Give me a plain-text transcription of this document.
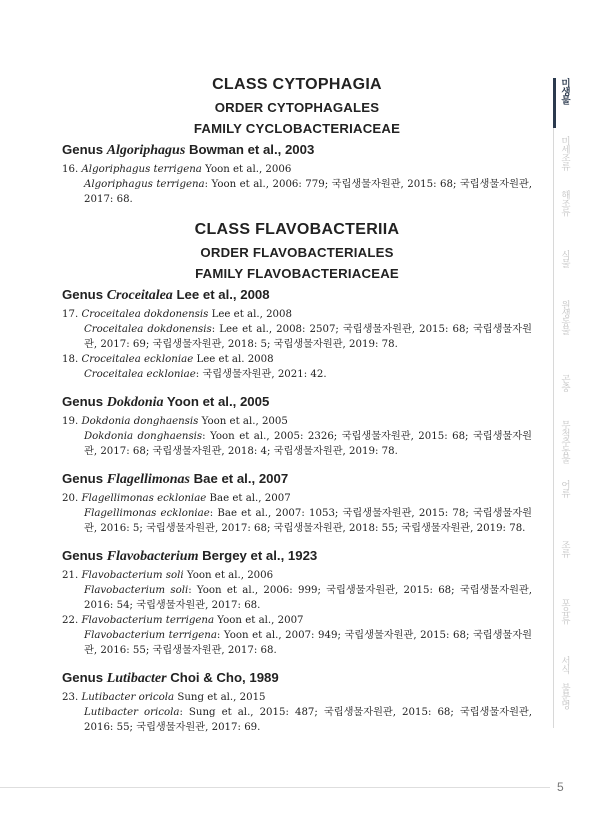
CLASS CYTOPHAGIA
ORDER CYTOPHAGALES
FAMILY CYCLOBACTERIACEAE
Genus Algoriphagus Bowman et al., 2003
16. Algoriphagus terrigena Yoon et al., 2006
Algoriphagus terrigena: Yoon et al., 2006: 779; 국립생물자원관, 2015: 68; 국립생물자원관, 2017: 68.
CLASS FLAVOBACTERIIA
ORDER FLAVOBACTERIALES
FAMILY FLAVOBACTERIACEAE
Genus Croceitalea Lee et al., 2008
17. Croceitalea dokdonensis Lee et al., 2008
Croceitalea dokdonensis: Lee et al., 2008: 2507; 국립생물자원관, 2015: 68; 국립생물자원관, 2017: 69; 국립생물자원관, 2018: 5; 국립생물자원관, 2019: 78.
18. Croceitalea eckloniae Lee et al. 2008
Croceitalea eckloniae: 국립생물자원관, 2021: 42.
Genus Dokdonia Yoon et al., 2005
19. Dokdonia donghaensis Yoon et al., 2005
Dokdonia donghaensis: Yoon et al., 2005: 2326; 국립생물자원관, 2015: 68; 국립생물자원관, 2017: 68; 국립생물자원관, 2018: 4; 국립생물자원관, 2019: 78.
Genus Flagellimonas Bae et al., 2007
20. Flagellimonas eckloniae Bae et al., 2007
Flagellimonas eckloniae: Bae et al., 2007: 1053; 국립생물자원관, 2015: 78; 국립생물자원관, 2016: 5; 국립생물자원관, 2017: 68; 국립생물자원관, 2018: 55; 국립생물자원관, 2019: 78.
Genus Flavobacterium Bergey et al., 1923
21. Flavobacterium soli Yoon et al., 2006
Flavobacterium soli: Yoon et al., 2006: 999; 국립생물자원관, 2015: 68; 국립생물자원관, 2016: 54; 국립생물자원관, 2017: 68.
22. Flavobacterium terrigena Yoon et al., 2007
Flavobacterium terrigena: Yoon et al., 2007: 949; 국립생물자원관, 2015: 68; 국립생물자원관, 2016: 55; 국립생물자원관, 2017: 68.
Genus Lutibacter Choi & Cho, 1989
23. Lutibacter oricola Sung et al., 2015
Lutibacter oricola: Sung et al., 2015: 487; 국립생물자원관, 2015: 68; 국립생물자원관, 2016: 55; 국립생물자원관, 2017: 69.
미생물
미세조류
해조류
식물
원생동물
곤충
무척추동물
어류
조류
포유류
서식 불분명
5
